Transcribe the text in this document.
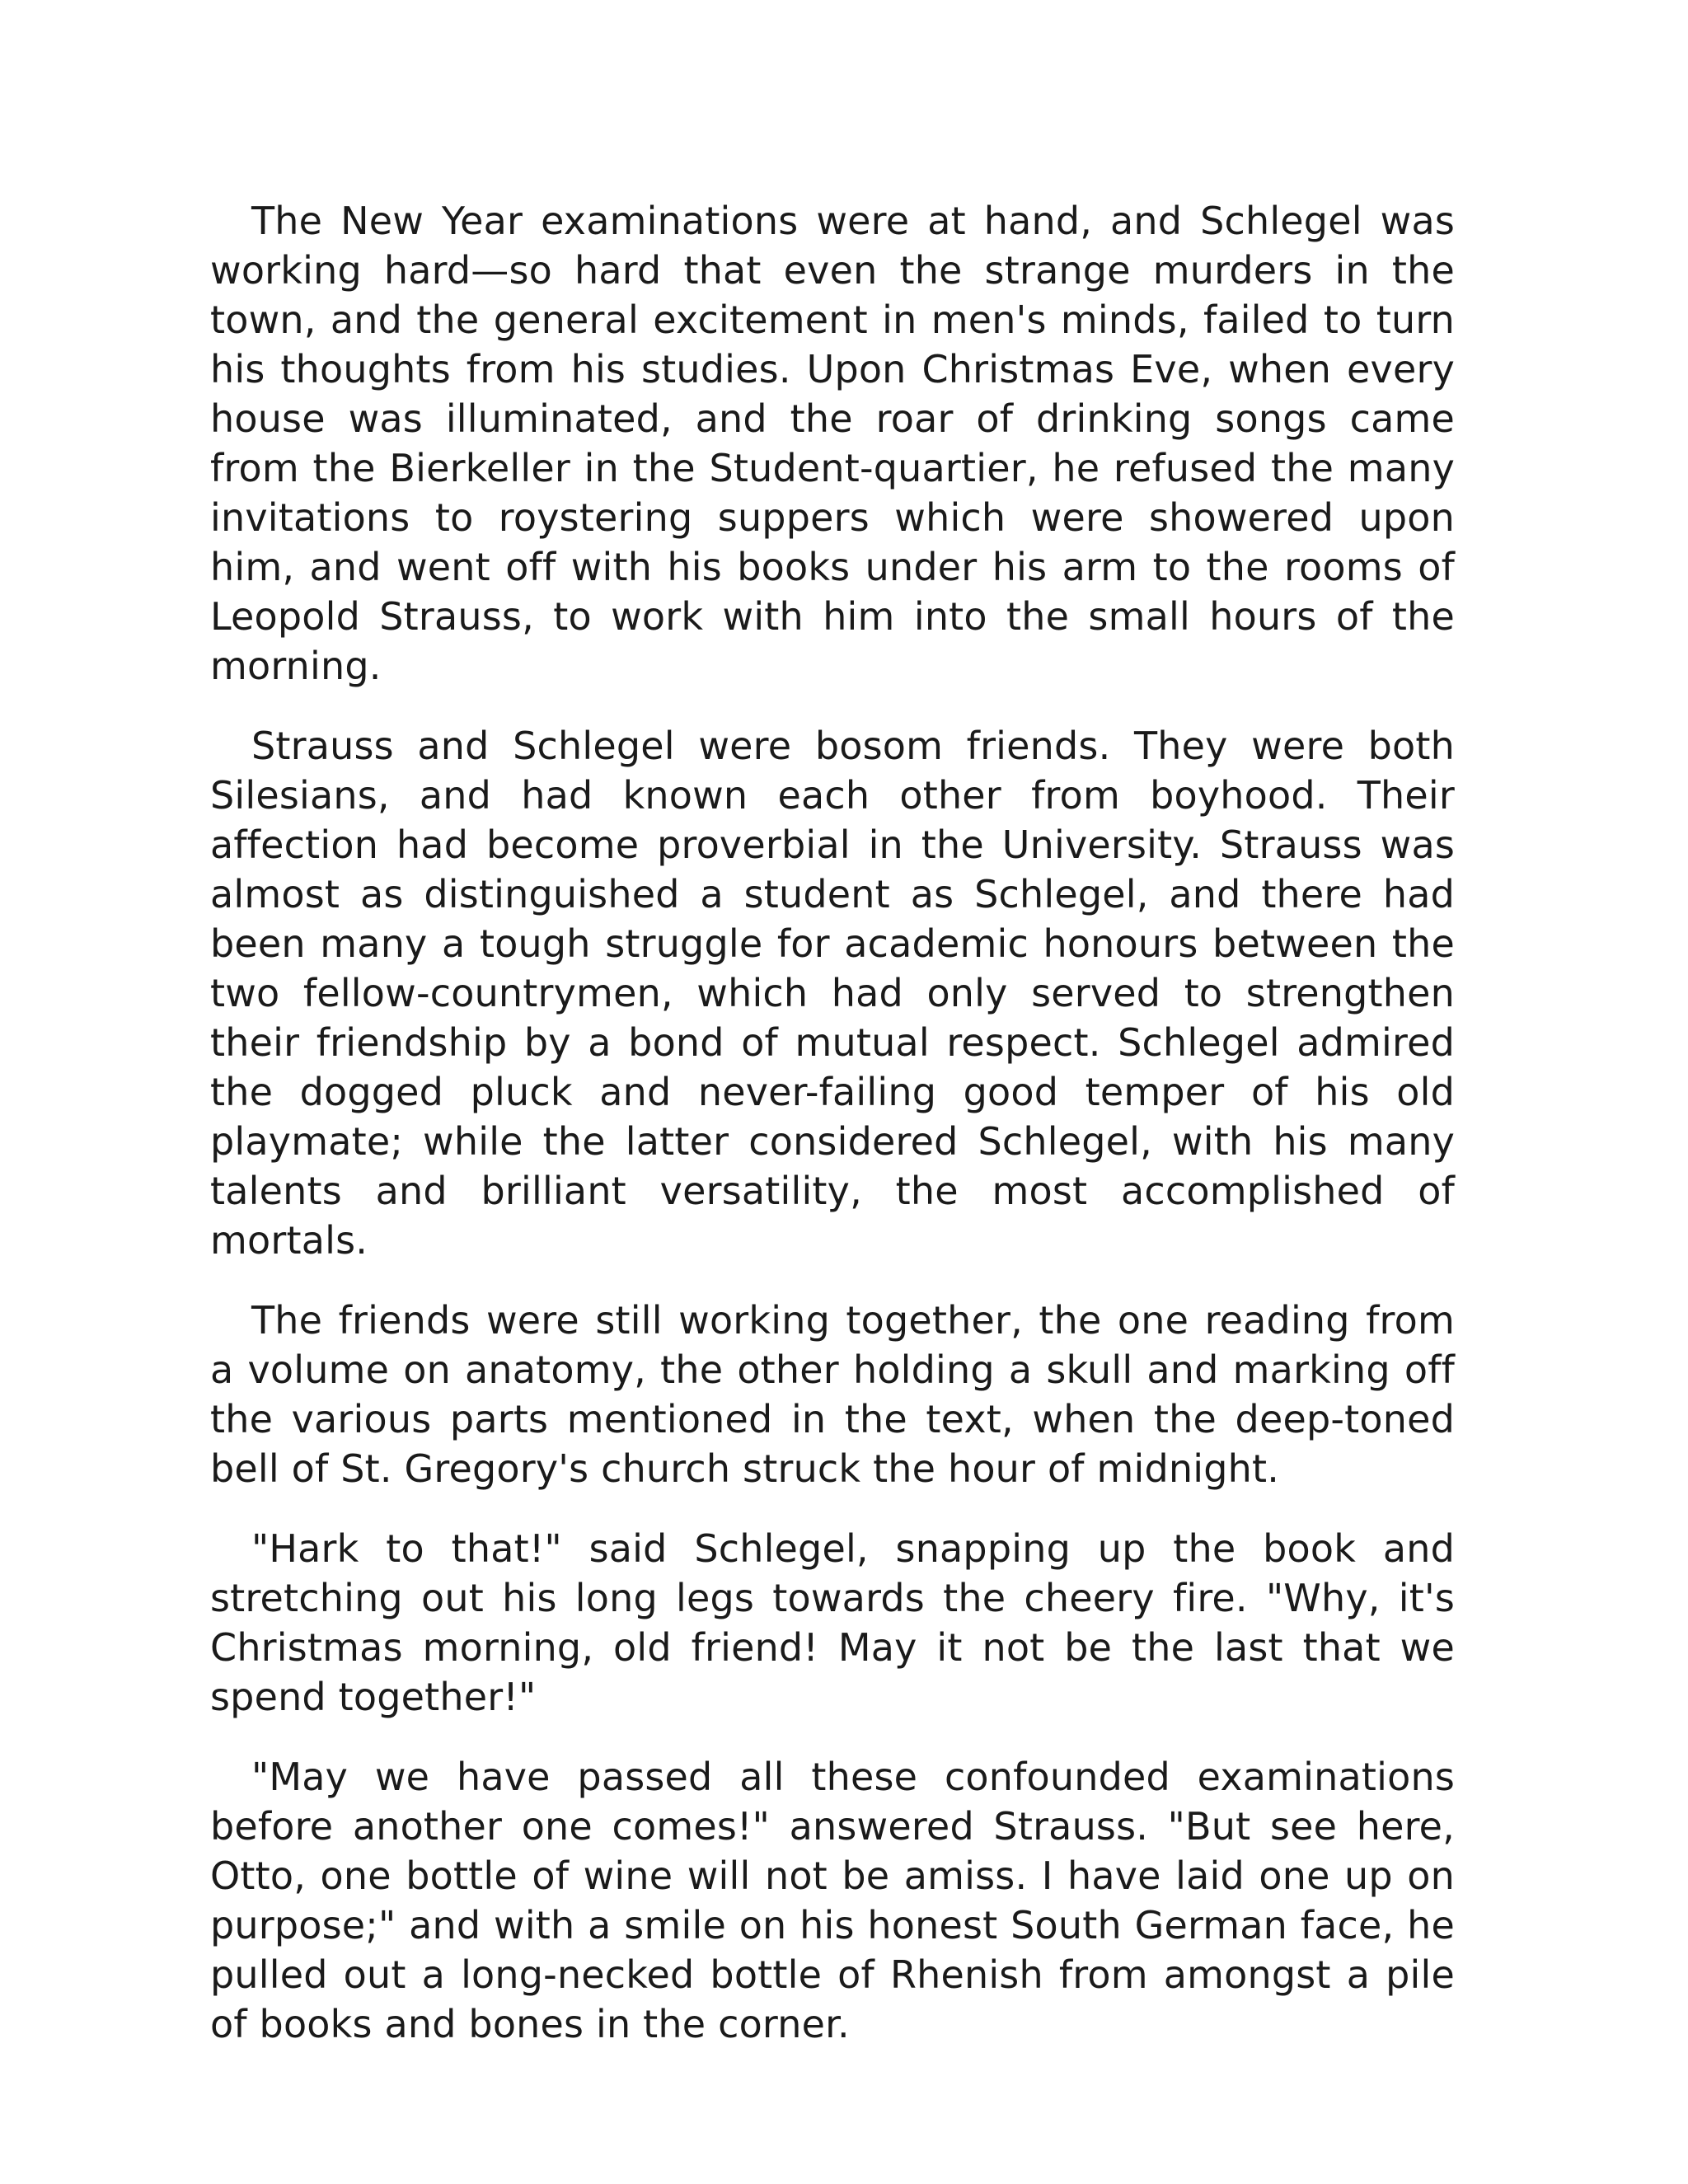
The New Year examinations were at hand, and Schlegel was working hard—so hard that even the strange murders in the town, and the general excitement in men's minds, failed to turn his thoughts from his studies. Upon Christmas Eve, when every house was illuminated, and the roar of drinking songs came from the Bierkeller in the Student-quartier, he refused the many invitations to roystering suppers which were showered upon him, and went off with his books under his arm to the rooms of Leopold Strauss, to work with him into the small hours of the morning.

Strauss and Schlegel were bosom friends. They were both Silesians, and had known each other from boyhood. Their affection had become proverbial in the University. Strauss was almost as distinguished a student as Schlegel, and there had been many a tough struggle for academic honours between the two fellow-countrymen, which had only served to strengthen their friendship by a bond of mutual respect. Schlegel admired the dogged pluck and never-failing good temper of his old playmate; while the latter considered Schlegel, with his many talents and brilliant versatility, the most accomplished of mortals.

The friends were still working together, the one reading from a volume on anatomy, the other holding a skull and marking off the various parts mentioned in the text, when the deep-toned bell of St. Gregory's church struck the hour of midnight.

"Hark to that!" said Schlegel, snapping up the book and stretching out his long legs towards the cheery fire. "Why, it's Christmas morning, old friend! May it not be the last that we spend together!"

"May we have passed all these confounded examinations before another one comes!" answered Strauss. "But see here, Otto, one bottle of wine will not be amiss. I have laid one up on purpose;" and with a smile on his honest South German face, he pulled out a long-necked bottle of Rhenish from amongst a pile of books and bones in the corner.
